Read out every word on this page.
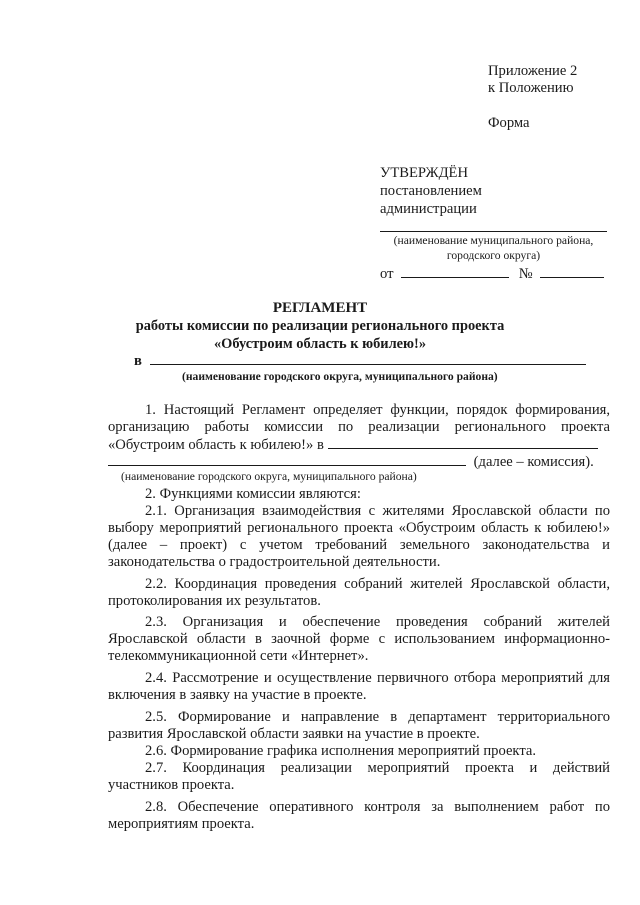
Приложение 2
к Положению
Форма
УТВЕРЖДЁН
постановлением
администрации
(наименование муниципального района,
городского округа)
от	№
РЕГЛАМЕНТ
работы комиссии по реализации регионального проекта
«Обустроим область к юбилею!»
в
(наименование городского округа, муниципального района)

1. Настоящий Регламент определяет функции, порядок формирования, организацию работы комиссии по реализации регионального проекта «Обустроим область к юбилею!» в

(далее – комиссия).
(наименование городского округа, муниципального района)

2. Функциями комиссии являются:

2.1. Организация взаимодействия с жителями Ярославской области по выбору мероприятий регионального проекта «Обустроим область к юбилею!» (далее – проект) с учетом требований земельного законодательства и законодательства о градостроительной деятельности.

2.2. Координация проведения собраний жителей Ярославской области, протоколирования их результатов.

2.3. Организация и обеспечение проведения собраний жителей Ярославской области в заочной форме с использованием информационно-телекоммуникационной сети «Интернет».

2.4. Рассмотрение и осуществление первичного отбора мероприятий для включения в заявку на участие в проекте.

2.5. Формирование и направление в департамент территориального развития Ярославской области заявки на участие в проекте.

2.6. Формирование графика исполнения мероприятий проекта.

2.7. Координация реализации мероприятий проекта и действий участников проекта.

2.8. Обеспечение оперативного контроля за выполнением работ по мероприятиям проекта.
